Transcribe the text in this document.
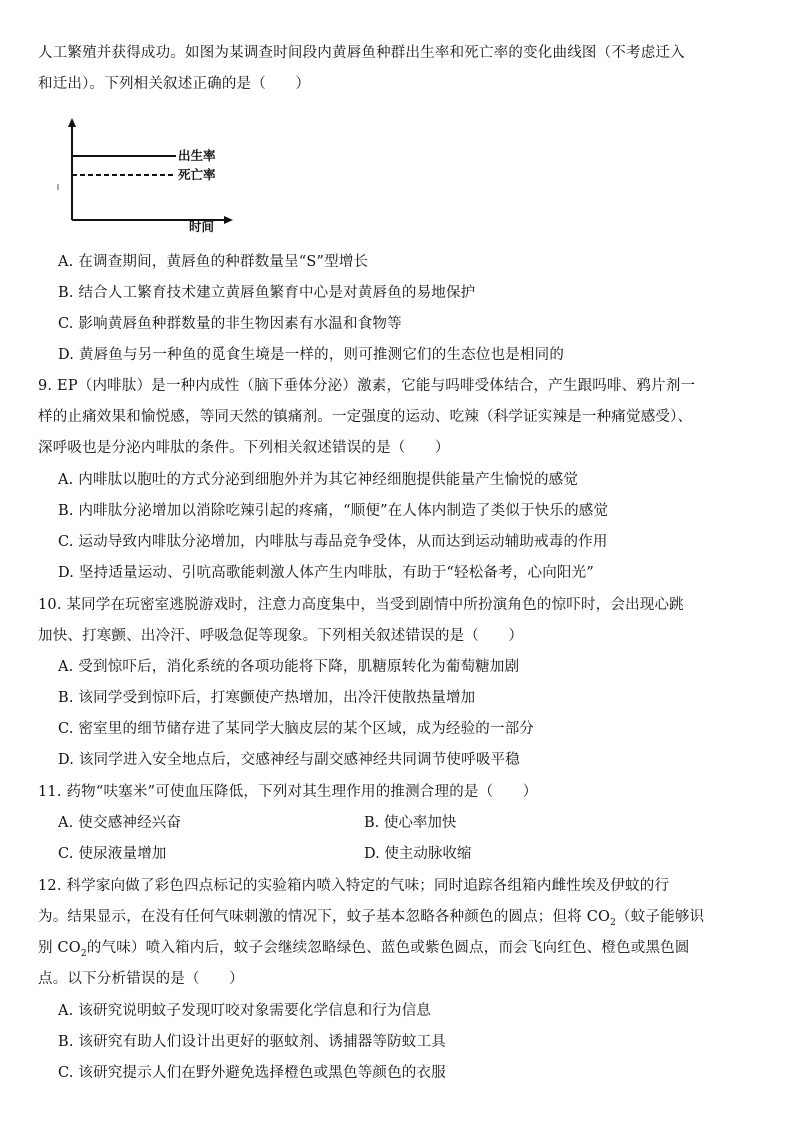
人工繁殖并获得成功。如图为某调查时间段内黄唇鱼种群出生率和死亡率的变化曲线图（不考虑迁入
和迁出）。下列相关叙述正确的是（　　）
出生率
死亡率
时间
A. 在调查期间，黄唇鱼的种群数量呈“S”型增长
B. 结合人工繁育技术建立黄唇鱼繁育中心是对黄唇鱼的易地保护
C. 影响黄唇鱼种群数量的非生物因素有水温和食物等
D. 黄唇鱼与另一种鱼的觅食生境是一样的，则可推测它们的生态位也是相同的
9. EP（内啡肽）是一种内成性（脑下垂体分泌）激素，它能与吗啡受体结合，产生跟吗啡、鸦片剂一
样的止痛效果和愉悦感，等同天然的镇痛剂。一定强度的运动、吃辣（科学证实辣是一种痛觉感受）、
深呼吸也是分泌内啡肽的条件。下列相关叙述错误的是（　　）
A. 内啡肽以胞吐的方式分泌到细胞外并为其它神经细胞提供能量产生愉悦的感觉
B. 内啡肽分泌增加以消除吃辣引起的疼痛，“顺便”在人体内制造了类似于快乐的感觉
C. 运动导致内啡肽分泌增加，内啡肽与毒品竞争受体，从而达到运动辅助戒毒的作用
D. 坚持适量运动、引吭高歌能刺激人体产生内啡肽，有助于“轻松备考，心向阳光”
10. 某同学在玩密室逃脱游戏时，注意力高度集中，当受到剧情中所扮演角色的惊吓时，会出现心跳
加快、打寒颤、出冷汗、呼吸急促等现象。下列相关叙述错误的是（　　）
A. 受到惊吓后，消化系统的各项功能将下降，肌糖原转化为葡萄糖加剧
B. 该同学受到惊吓后，打寒颤使产热增加，出冷汗使散热量增加
C. 密室里的细节储存进了某同学大脑皮层的某个区域，成为经验的一部分
D. 该同学进入安全地点后，交感神经与副交感神经共同调节使呼吸平稳
11. 药物“呋塞米”可使血压降低，下列对其生理作用的推测合理的是（　　）
A. 使交感神经兴奋	B. 使心率加快
C. 使尿液量增加	D. 使主动脉收缩
12. 科学家向做了彩色四点标记的实验箱内喷入特定的气味；同时追踪各组箱内雌性埃及伊蚊的行
为。结果显示，在没有任何气味刺激的情况下，蚊子基本忽略各种颜色的圆点；但将 $CO_2$（蚊子能够识
别 $CO_2$的气味）喷入箱内后，蚊子会继续忽略绿色、蓝色或紫色圆点，而会飞向红色、橙色或黑色圆
点。以下分析错误的是（　　）
A. 该研究说明蚊子发现叮咬对象需要化学信息和行为信息
B. 该研究有助人们设计出更好的驱蚊剂、诱捕器等防蚊工具
C. 该研究提示人们在野外避免选择橙色或黑色等颜色的衣服
